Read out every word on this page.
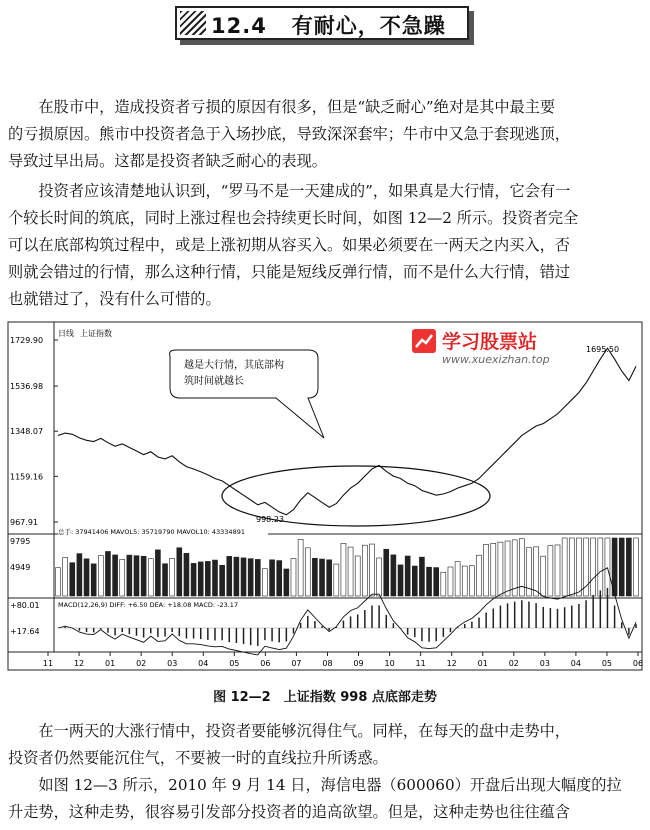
12.4 有耐心，不急躁
在股市中，造成投资者亏损的原因有很多，但是“缺乏耐心”绝对是其中最主要
的亏损原因。熊市中投资者急于入场抄底，导致深深套牢；牛市中又急于套现逃顶，
导致过早出局。这都是投资者缺乏耐心的表现。
投资者应该清楚地认识到，“罗马不是一天建成的”，如果真是大行情，它会有一
个较长时间的筑底，同时上涨过程也会持续更长时间，如图 12—2 所示。投资者完全
可以在底部构筑过程中，或是上涨初期从容买入。如果必须要在一两天之内买入，否
则就会错过的行情，那么这种行情，只能是短线反弹行情，而不是什么大行情，错过
也就错过了，没有什么可惜的。
日线 上证指数
1729.90
1536.98
1348.07
1159.16
967.91
越是大行情，其底部构
筑时间就越长
998.23
1695.50
总手: 37941406 MAVOL5: 35719790 MAVOL10: 43334891
9795
4949
MACD(12,26,9) DIFF: +6.50 DEA: +18.08 MACD: -23.17
+80.01
+17.64
11	12	01	02	03	04	05	06	07	08	09	10	11	12	01	02	03	04	05	06
学习股票站
www.xuexizhan.top
图 12—2　上证指数 998 点底部走势
在一两天的大涨行情中，投资者要能够沉得住气。同样，在每天的盘中走势中，
投资者仍然要能沉住气，不要被一时的直线拉升所诱惑。
如图 12—3 所示，2010 年 9 月 14 日，海信电器（600060）开盘后出现大幅度的拉
升走势，这种走势，很容易引发部分投资者的追高欲望。但是，这种走势也往往蕴含
